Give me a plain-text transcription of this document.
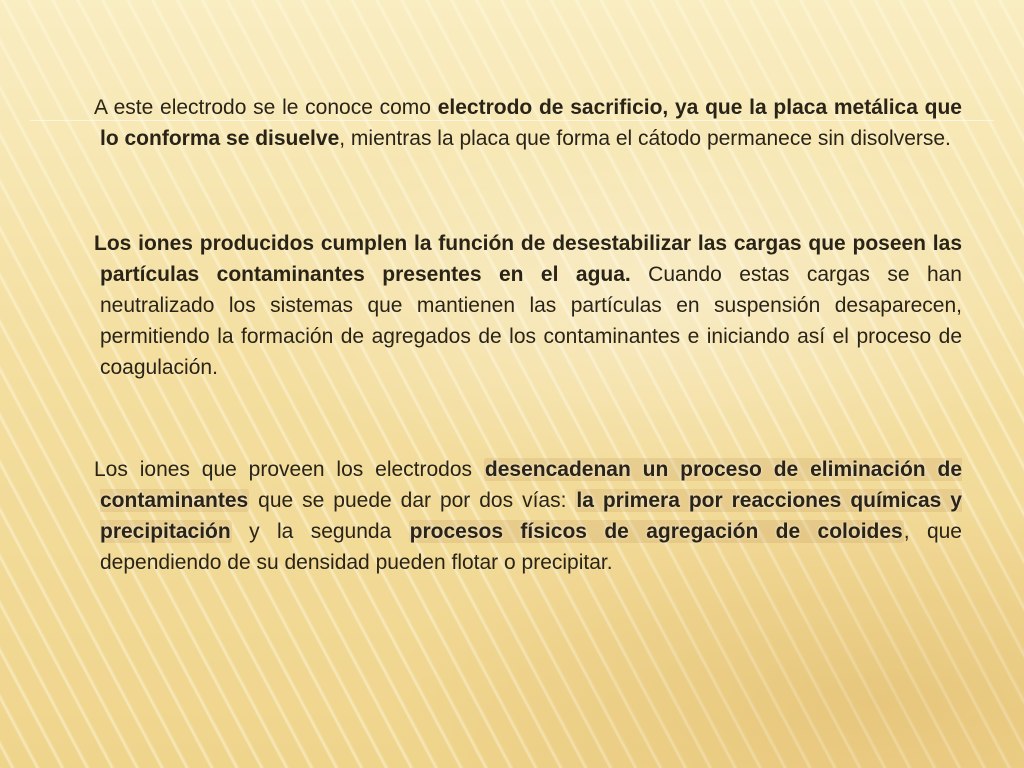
A este electrodo se le conoce como electrodo de sacrificio, ya que la placa metálica que lo conforma se disuelve, mientras la placa que forma el cátodo permanece sin disolverse.

Los iones producidos cumplen la función de desestabilizar las cargas que poseen las partículas contaminantes presentes en el agua. Cuando estas cargas se han neutralizado los sistemas que mantienen las partículas en suspensión desaparecen, permitiendo la formación de agregados de los contaminantes e iniciando así el proceso de coagulación.

Los iones que proveen los electrodos desencadenan un proceso de eliminación de contaminantes que se puede dar por dos vías: la primera por reacciones químicas y precipitación y la segunda procesos físicos de agregación de coloides, que dependiendo de su densidad pueden flotar o precipitar.
